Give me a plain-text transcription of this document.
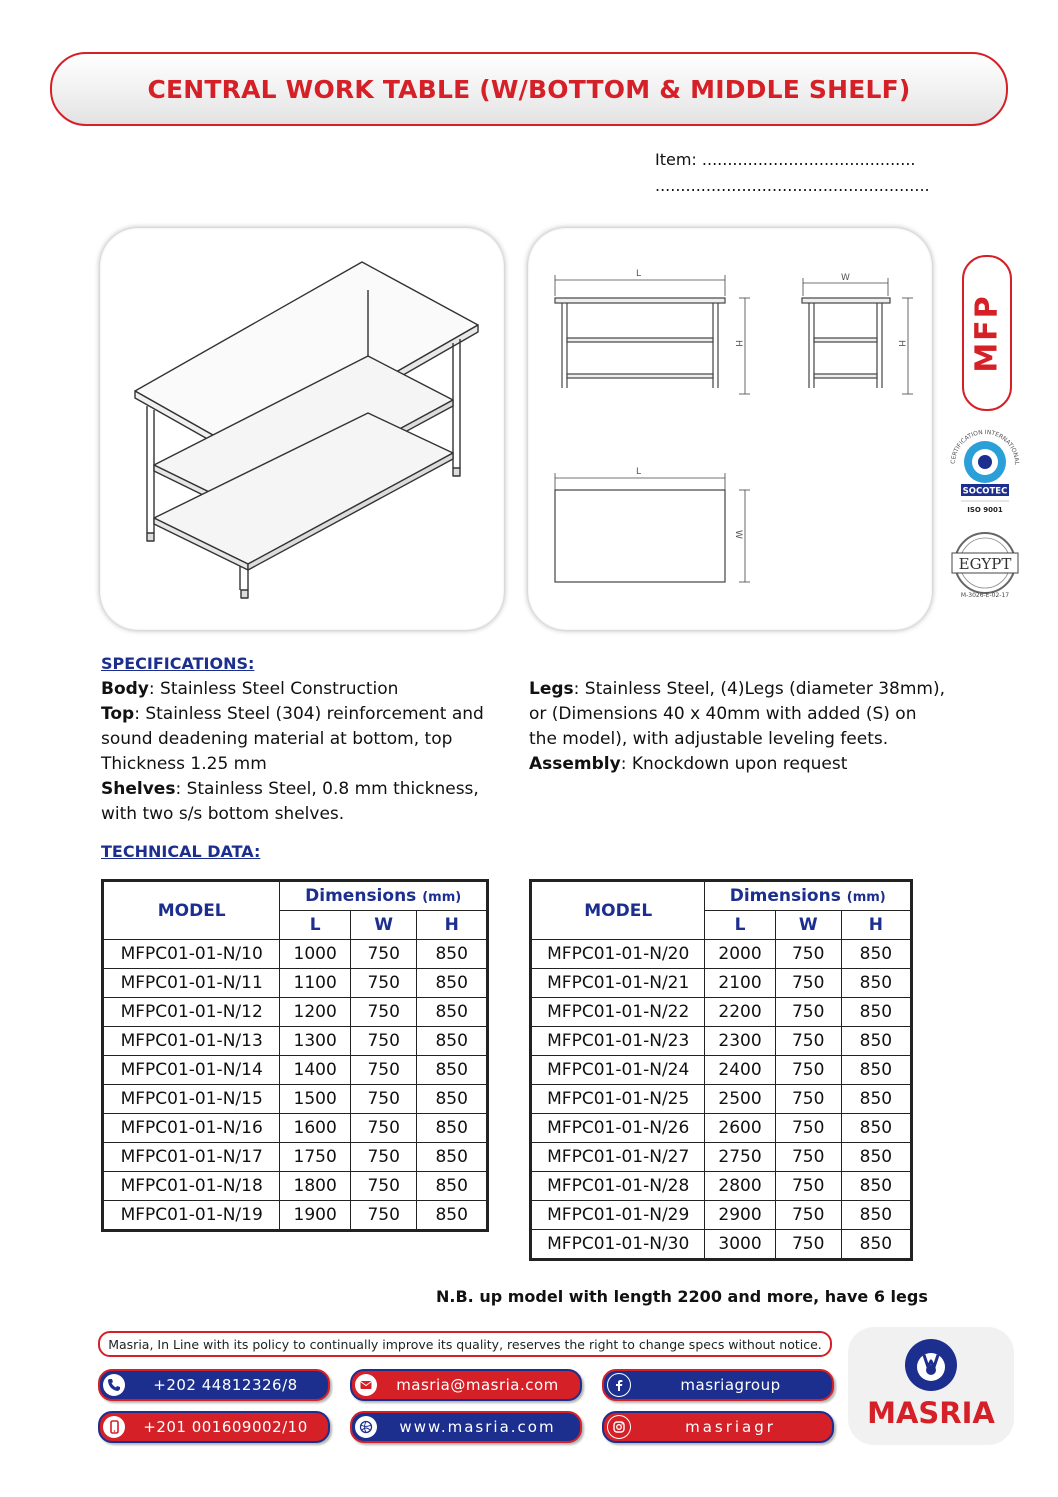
CENTRAL WORK TABLE (W/BOTTOM & MIDDLE SHELF)
Item: ..........................................
......................................................
L
H
W
H
L
W
MFP
CERTIFICATION INTERNATIONAL
SOCOTEC
ISO 9001
EGYPT
M-3026-E-02-17
SPECIFICATIONS:
Body: Stainless Steel Construction
Top: Stainless Steel (304) reinforcement and
sound deadening material at bottom, top
Thickness 1.25 mm
Shelves: Stainless Steel, 0.8 mm thickness,
with two s/s bottom shelves.
Legs: Stainless Steel, (4)Legs (diameter 38mm),
or (Dimensions 40 x 40mm with added (S) on
the model), with adjustable leveling feets.
Assembly: Knockdown upon request
TECHNICAL DATA:
MODEL	Dimensions (mm)		
	L	W	H
MFPC01-01-N/10	1000	750	850
MFPC01-01-N/11	1100	750	850
MFPC01-01-N/12	1200	750	850
MFPC01-01-N/13	1300	750	850
MFPC01-01-N/14	1400	750	850
MFPC01-01-N/15	1500	750	850
MFPC01-01-N/16	1600	750	850
MFPC01-01-N/17	1750	750	850
MFPC01-01-N/18	1800	750	850
MFPC01-01-N/19	1900	750	850
MODEL	Dimensions (mm)		
	L	W	H
MFPC01-01-N/20	2000	750	850
MFPC01-01-N/21	2100	750	850
MFPC01-01-N/22	2200	750	850
MFPC01-01-N/23	2300	750	850
MFPC01-01-N/24	2400	750	850
MFPC01-01-N/25	2500	750	850
MFPC01-01-N/26	2600	750	850
MFPC01-01-N/27	2750	750	850
MFPC01-01-N/28	2800	750	850
MFPC01-01-N/29	2900	750	850
MFPC01-01-N/30	3000	750	850
N.B. up model with length 2200 and more, have 6 legs
Masria, In Line with its policy to continually improve its quality, reserves the right to change specs without notice.
+202 44812326/8
+201 001609002/10
masria@masria.com
www.masria.com
masriagroup
masriagr	MASRIA
